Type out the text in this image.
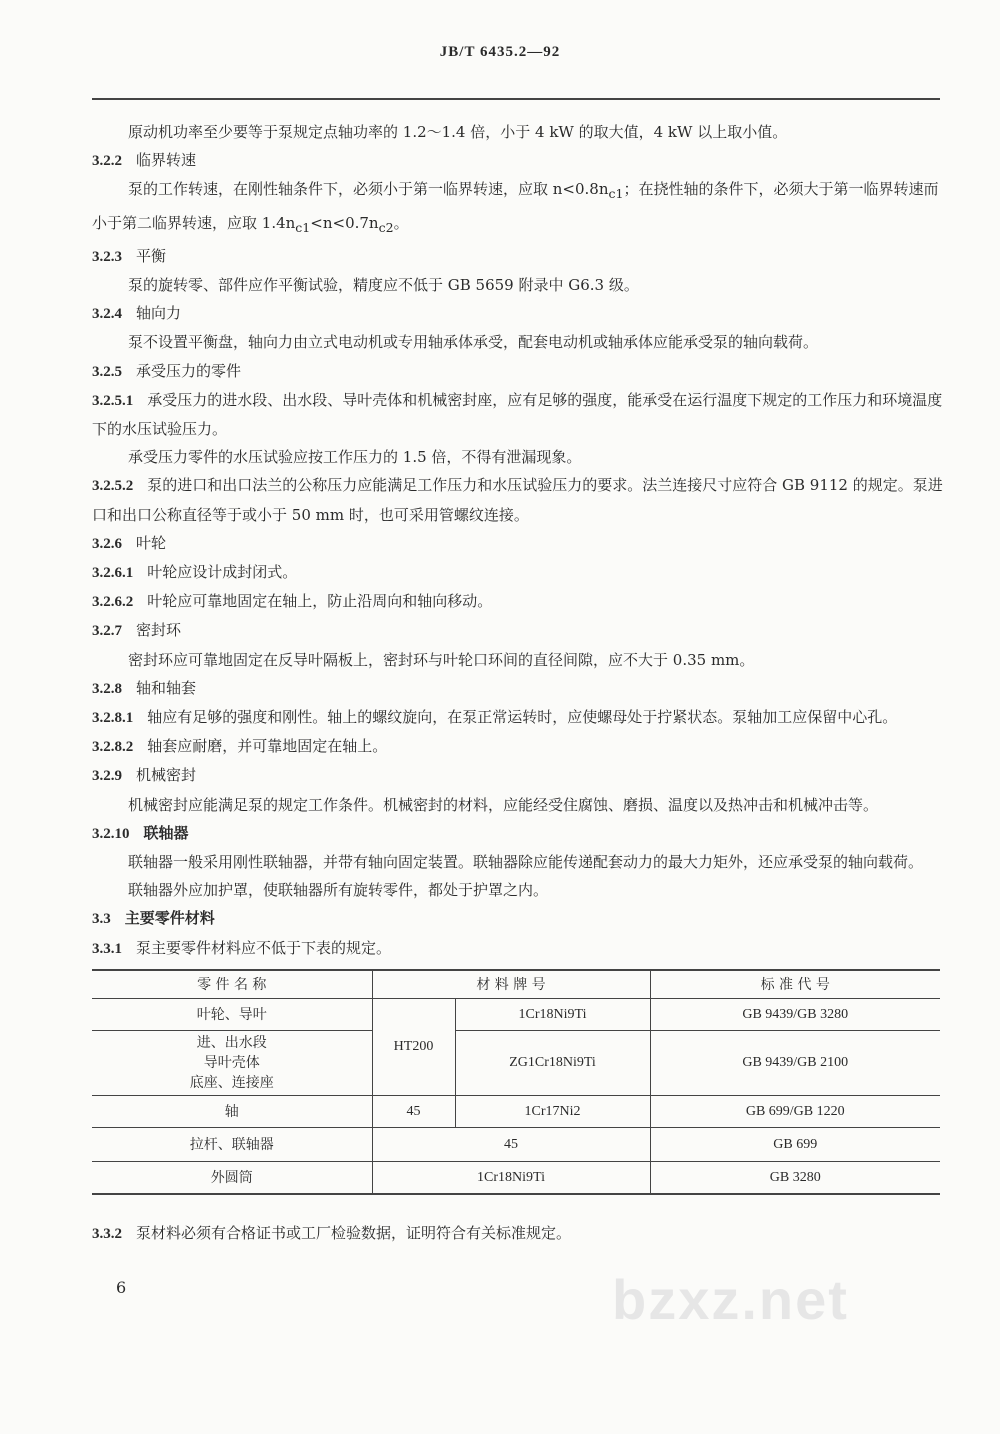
JB/T 6435.2—92
原动机功率至少要等于泵规定点轴功率的 1.2～1.4 倍，小于 4 kW 的取大值，4 kW 以上取小值。
3.2.2 临界转速
泵的工作转速，在刚性轴条件下，必须小于第一临界转速，应取 $n<0.8n_{c1}$；在挠性轴的条件下，必须大于第一临界转速而小于第二临界转速，应取 $1.4n_{c1}<n<0.7n_{c2}$。
3.2.3 平衡
泵的旋转零、部件应作平衡试验，精度应不低于 GB 5659 附录中 G6.3 级。
3.2.4 轴向力
泵不设置平衡盘，轴向力由立式电动机或专用轴承体承受，配套电动机或轴承体应能承受泵的轴向载荷。
3.2.5 承受压力的零件
3.2.5.1 承受压力的进水段、出水段、导叶壳体和机械密封座，应有足够的强度，能承受在运行温度下规定的工作压力和环境温度下的水压试验压力。
承受压力零件的水压试验应按工作压力的 1.5 倍，不得有泄漏现象。
3.2.5.2 泵的进口和出口法兰的公称压力应能满足工作压力和水压试验压力的要求。法兰连接尺寸应符合 GB 9112 的规定。泵进口和出口公称直径等于或小于 50 mm 时，也可采用管螺纹连接。
3.2.6 叶轮
3.2.6.1 叶轮应设计成封闭式。
3.2.6.2 叶轮应可靠地固定在轴上，防止沿周向和轴向移动。
3.2.7 密封环
密封环应可靠地固定在反导叶隔板上，密封环与叶轮口环间的直径间隙，应不大于 0.35 mm。
3.2.8 轴和轴套
3.2.8.1 轴应有足够的强度和刚性。轴上的螺纹旋向，在泵正常运转时，应使螺母处于拧紧状态。泵轴加工应保留中心孔。
3.2.8.2 轴套应耐磨，并可靠地固定在轴上。
3.2.9 机械密封
机械密封应能满足泵的规定工作条件。机械密封的材料，应能经受住腐蚀、磨损、温度以及热冲击和机械冲击等。
3.2.10 联轴器
联轴器一般采用刚性联轴器，并带有轴向固定装置。联轴器除应能传递配套动力的最大力矩外，还应承受泵的轴向载荷。
联轴器外应加护罩，使联轴器所有旋转零件，都处于护罩之内。
3.3 主要零件材料
3.3.1 泵主要零件材料应不低于下表的规定。
零 件 名 称	材 料 牌 号		标 准 代 号
叶轮、导叶	HT200	1Cr18Ni9Ti	GB 9439/GB 3280

进、出水段
导叶壳体
底座、连接座		ZG1Cr18Ni9Ti	GB 9439/GB 2100
轴	45	1Cr17Ni2	GB 699/GB 1220
拉杆、联轴器	45		GB 699
外圆筒	1Cr18Ni9Ti		GB 3280
3.3.2 泵材料必须有合格证书或工厂检验数据，证明符合有关标准规定。
6	bzxz.net
